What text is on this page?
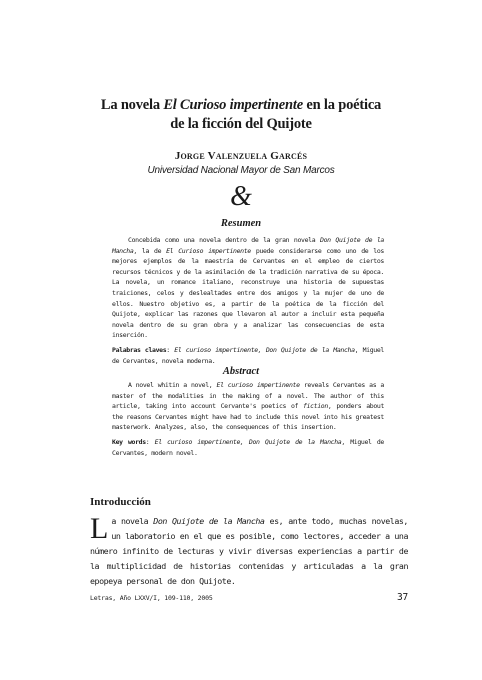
La novela El Curioso impertinente en la poética
de la ficción del Quijote
Jorge Valenzuela Garcés
Universidad Nacional Mayor de San Marcos
&
Resumen

Concebida como una novela dentro de la gran novela Don Quijote de la Mancha, la de El Curioso impertinente puede considerarse como uno de los mejores ejemplos de la maestría de Cervantes en el empleo de ciertos recursos técnicos y de la asimilación de la tradición narrativa de su época. La novela, un romance italiano, reconstruye una historia de supuestas traiciones, celos y deslealtades entre dos amigos y la mujer de uno de ellos. Nuestro objetivo es, a partir de la poética de la ficción del Quijote, explicar las razones que llevaron al autor a incluir esta pequeña novela dentro de su gran obra y a analizar las consecuencias de esta inserción.

Palabras claves: El curioso impertinente, Don Quijote de la Mancha, Miguel de Cervantes, novela moderna.

Abstract

A novel whitin a novel, El curioso impertinente reveals Cervantes as a master of the modalities in the making of a novel. The author of this article, taking into account Cervante's poetics of fiction, ponders about the reasons Cervantes might have had to include this novel into his greatest masterwork. Analyzes, also, the consequences of this insertion.

Key words: El curioso impertinente, Don Quijote de la Mancha, Miguel de Cervantes, modern novel.

Introducción
La novela Don Quijote de la Mancha es, ante todo, muchas novelas, un laboratorio en el que es posible, como lectores, acceder a una número infinito de lecturas y vivir diversas experiencias a partir de la multiplicidad de historias contenidas y articuladas a la gran epopeya personal de don Quijote.
Letras, Año LXXV/I, 109-110, 2005	37
